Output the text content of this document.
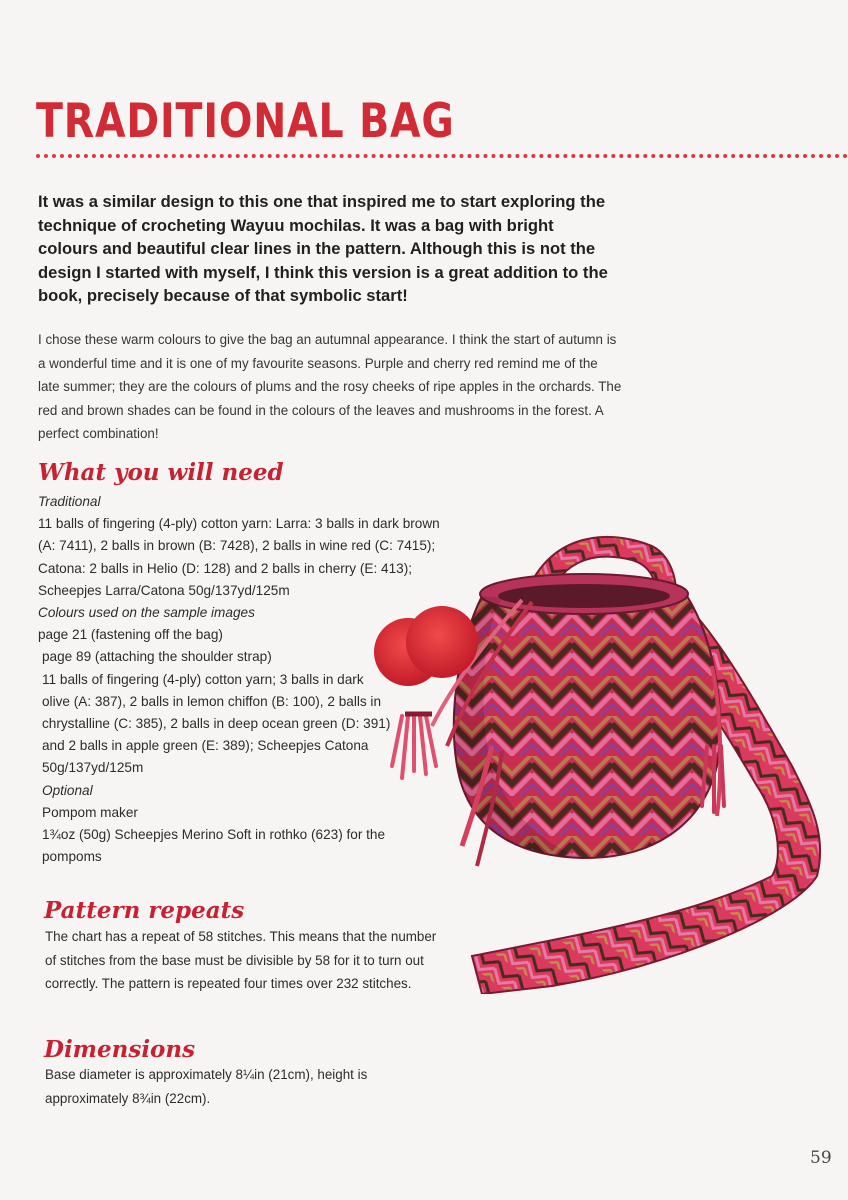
TRADITIONAL BAG

It was a similar design to this one that inspired me to start exploring the technique of crocheting Wayuu mochilas. It was a bag with bright colours and beautiful clear lines in the pattern. Although this is not the design I started with myself, I think this version is a great addition to the book, precisely because of that symbolic start!

I chose these warm colours to give the bag an autumnal appearance. I think the start of autumn is a wonderful time and it is one of my favourite seasons. Purple and cherry red remind me of the late summer; they are the colours of plums and the rosy cheeks of ripe apples in the orchards. The red and brown shades can be found in the colours of the leaves and mushrooms in the forest. A perfect combination!

What you will need
Traditional
11 balls of fingering (4-ply) cotton yarn: Larra: 3 balls in dark brown (A: 7411), 2 balls in brown (B: 7428), 2 balls in wine red (C: 7415); Catona: 2 balls in Helio (D: 128) and 2 balls in cherry (E: 413); Scheepjes Larra/Catona 50g/137yd/125m
Colours used on the sample images
page 21 (fastening off the bag)
page 89 (attaching the shoulder strap)
11 balls of fingering (4-ply) cotton yarn; 3 balls in dark olive (A: 387), 2 balls in lemon chiffon (B: 100), 2 balls in chrystalline (C: 385), 2 balls in deep ocean green (D: 391) and 2 balls in apple green (E: 389); Scheepjes Catona 50g/137yd/125m
Optional
Pompom maker
1¾oz (50g) Scheepjes Merino Soft in rothko (623) for the pompoms
Pattern repeats

The chart has a repeat of 58 stitches. This means that the number of stitches from the base must be divisible by 58 for it to turn out correctly. The pattern is repeated four times over 232 stitches.

Dimensions

Base diameter is approximately 8¼in (21cm), height is approximately 8¾in (22cm).

59
